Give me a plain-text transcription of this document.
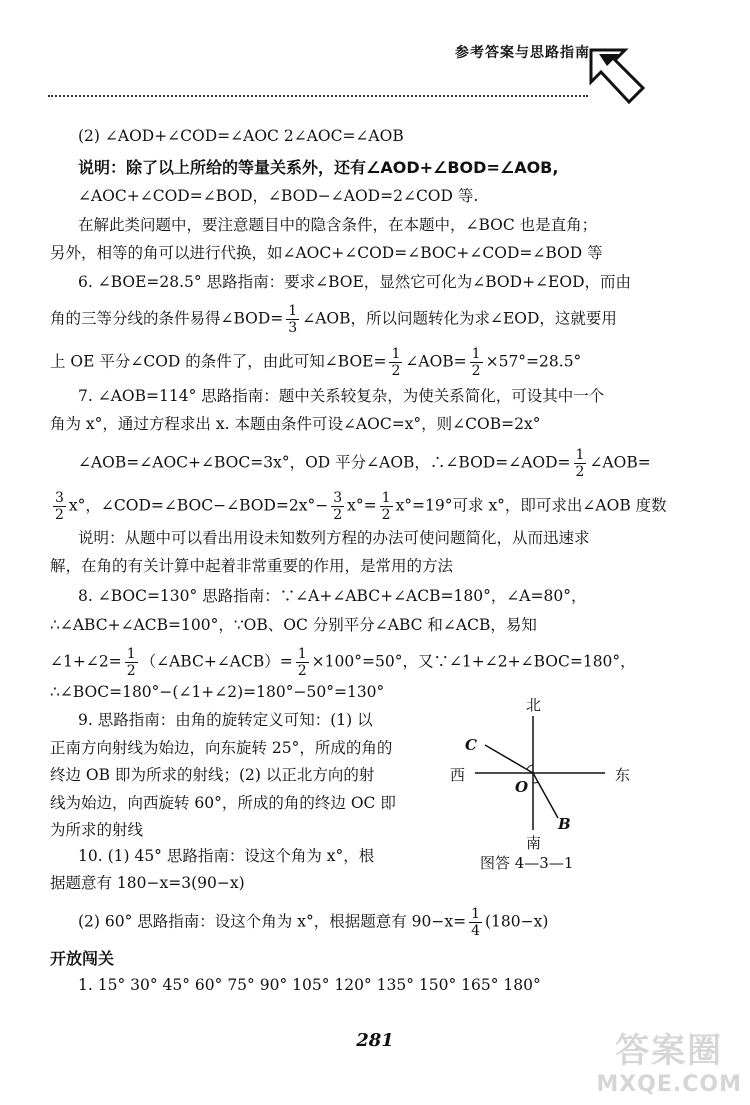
参考答案与思路指南
(2) ∠AOD+∠COD=∠AOC 2∠AOC=∠AOB
说明：除了以上所给的等量关系外，还有∠AOD+∠BOD=∠AOB,
∠AOC+∠COD=∠BOD，∠BOD−∠AOD=2∠COD 等.
在解此类问题中，要注意题目中的隐含条件，在本题中，∠BOC 也是直角；
另外，相等的角可以进行代换，如∠AOC+∠COD=∠BOC+∠COD=∠BOD 等
6. ∠BOE=28.5° 思路指南：要求∠BOE，显然它可化为∠BOD+∠EOD，而由
角的三等分线的条件易得∠BOD= $\frac{1}{3}$ ∠AOB，所以问题转化为求∠EOD，这就要用
上 OE 平分∠COD 的条件了，由此可知∠BOE= $\frac{1}{2}$ ∠AOB= $\frac{1}{2} \times 57^\circ=28.5^\circ$
7. ∠AOB=114° 思路指南：题中关系较复杂，为使关系简化，可设其中一个
角为 x°，通过方程求出 x. 本题由条件可设∠AOC=x°，则∠COB=2x°
∠AOB=∠AOC+∠BOC=3x°，OD 平分∠AOB，∴∠BOD=∠AOD= $\frac{1}{2}$ ∠AOB=
$\frac{3}{2} x^\circ$，∠COD=∠BOC−∠BOD=2x°− $\frac{3}{2} x^\circ= \frac{1}{2} x^\circ=19^\circ$可求 x°，即可求出∠AOB 度数
说明：从题中可以看出用设未知数列方程的办法可使问题简化，从而迅速求
解，在角的有关计算中起着非常重要的作用，是常用的方法
8. ∠BOC=130° 思路指南：∵∠A+∠ABC+∠ACB=180°，∠A=80°，
∴∠ABC+∠ACB=100°，∵OB、OC 分别平分∠ABC 和∠ACB，易知
∠1+∠2= $\frac{1}{2}$ （∠ABC+∠ACB）= $\frac{1}{2} \times 100^\circ=50^\circ$，又∵∠1+∠2+∠BOC=180°，
∴∠BOC=180°−(∠1+∠2)=180°−50°=130°
9. 思路指南：由角的旋转定义可知：(1) 以
正南方向射线为始边，向东旋转 25°，所成的角的
终边 OB 即为所求的射线；(2) 以正北方向的射
线为始边，向西旋转 60°，所成的角的终边 OC 即
为所求的射线
10. (1) 45° 思路指南：设这个角为 x°，根
据题意有 180−x=3(90−x)
(2) 60° 思路指南：设这个角为 x°，根据题意有 $90-x= \frac{1}{4} (180-x)$
开放闯关
1. 15° 30° 45° 60° 75° 90° 105° 120° 135° 150° 165° 180°
北
南
西	东
C
O
B
图答 4—3—1
281	答案圈
MXQE.COM
